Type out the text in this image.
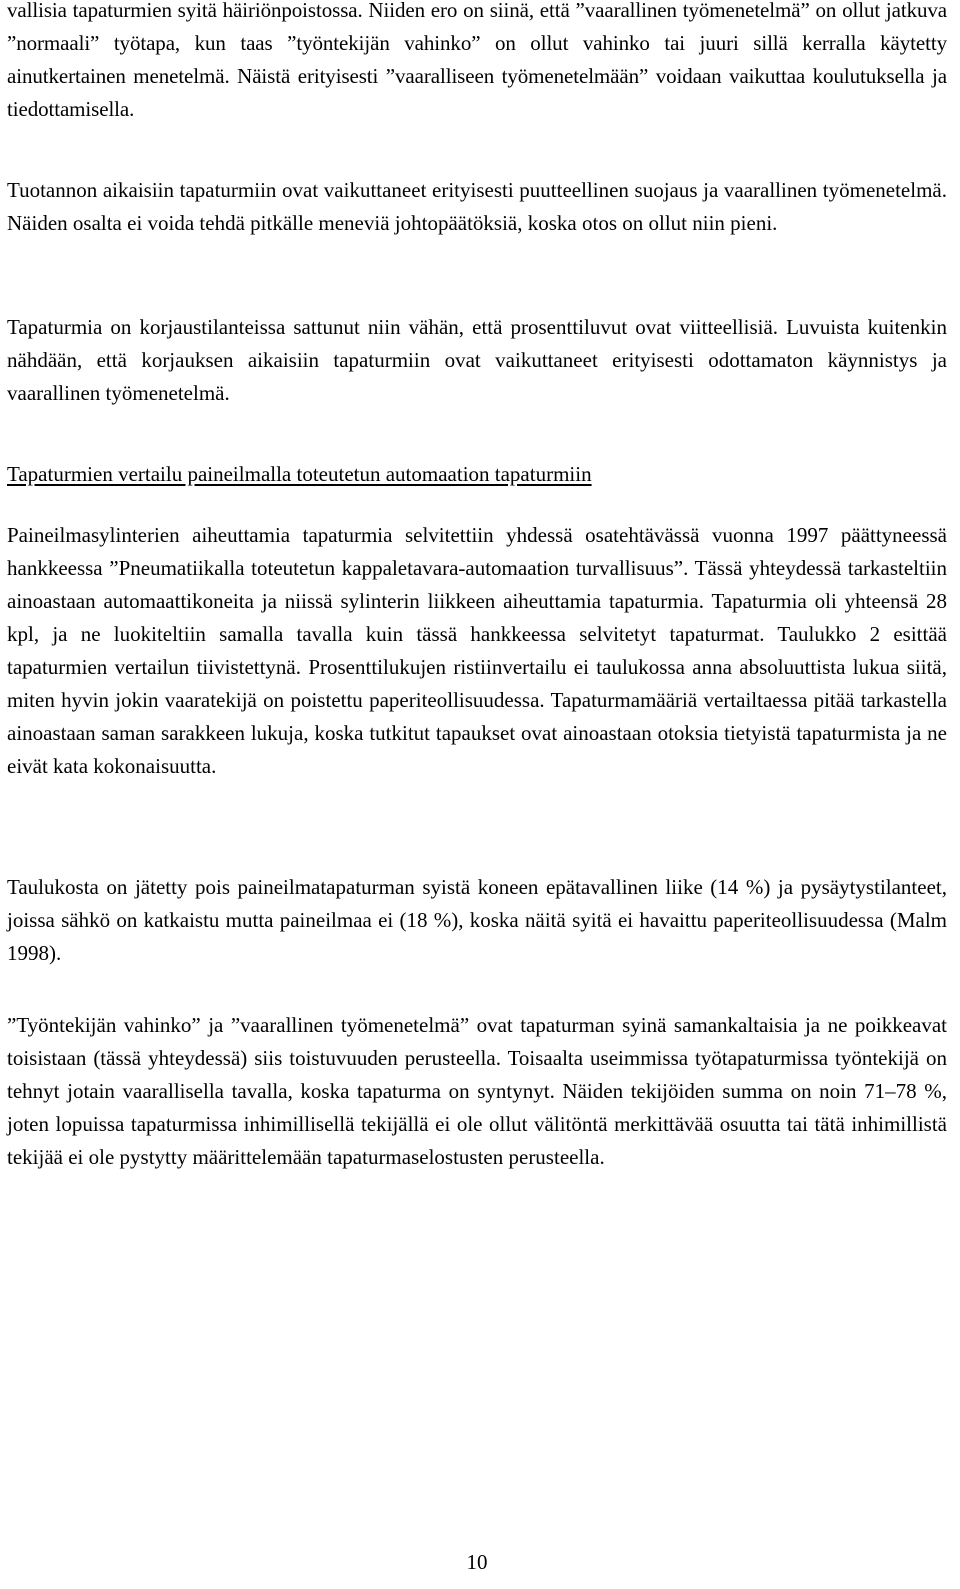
vallisia tapaturmien syitä häiriönpoistossa. Niiden ero on siinä, että ”vaarallinen työmenetelmä” on ollut jatkuva ”normaali” työtapa, kun taas ”työntekijän vahinko” on ollut vahinko tai juuri sillä kerralla käytetty ainutkertainen menetelmä. Näistä erityisesti ”vaaralliseen työmenetelmään” voidaan vaikuttaa koulutuksella ja tiedottamisella.

Tuotannon aikaisiin tapaturmiin ovat vaikuttaneet erityisesti puutteellinen suojaus ja vaarallinen työmenetelmä. Näiden osalta ei voida tehdä pitkälle meneviä johtopäätöksiä, koska otos on ollut niin pieni.

Tapaturmia on korjaustilanteissa sattunut niin vähän, että prosenttiluvut ovat viitteellisiä. Luvuista kuitenkin nähdään, että korjauksen aikaisiin tapaturmiin ovat vaikuttaneet erityisesti odottamaton käynnistys ja vaarallinen työmenetelmä.

Tapaturmien vertailu paineilmalla toteutetun automaation tapaturmiin

Paineilmasylinterien aiheuttamia tapaturmia selvitettiin yhdessä osatehtävässä vuonna 1997 päättyneessä hankkeessa ”Pneumatiikalla toteutetun kappaletavara-automaation turvallisuus”. Tässä yhteydessä tarkasteltiin ainoastaan automaattikoneita ja niissä sylinterin liikkeen aiheuttamia tapaturmia. Tapaturmia oli yhteensä 28 kpl, ja ne luokiteltiin samalla tavalla kuin tässä hankkeessa selvitetyt tapaturmat. Taulukko 2 esittää tapaturmien vertailun tiivistettynä. Prosenttilukujen ristiinvertailu ei taulukossa anna absoluuttista lukua siitä, miten hyvin jokin vaaratekijä on poistettu paperiteollisuudessa. Tapaturmamääriä vertailtaessa pitää tarkastella ainoastaan saman sarakkeen lukuja, koska tutkitut tapaukset ovat ainoastaan otoksia tietyistä tapaturmista ja ne eivät kata kokonaisuutta.

Taulukosta on jätetty pois paineilmatapaturman syistä koneen epätavallinen liike (14 %) ja pysäytystilanteet, joissa sähkö on katkaistu mutta paineilmaa ei (18 %), koska näitä syitä ei havaittu paperiteollisuudessa (Malm 1998).

”Työntekijän vahinko” ja ”vaarallinen työmenetelmä” ovat tapaturman syinä samankaltaisia ja ne poikkeavat toisistaan (tässä yhteydessä) siis toistuvuuden perusteella. Toisaalta useimmissa työtapaturmissa työntekijä on tehnyt jotain vaarallisella tavalla, koska tapaturma on syntynyt. Näiden tekijöiden summa on noin 71–78 %, joten lopuissa tapaturmissa inhimillisellä tekijällä ei ole ollut välitöntä merkittävää osuutta tai tätä inhimillistä tekijää ei ole pystytty määrittelemään tapaturmaselostusten perusteella.

10
